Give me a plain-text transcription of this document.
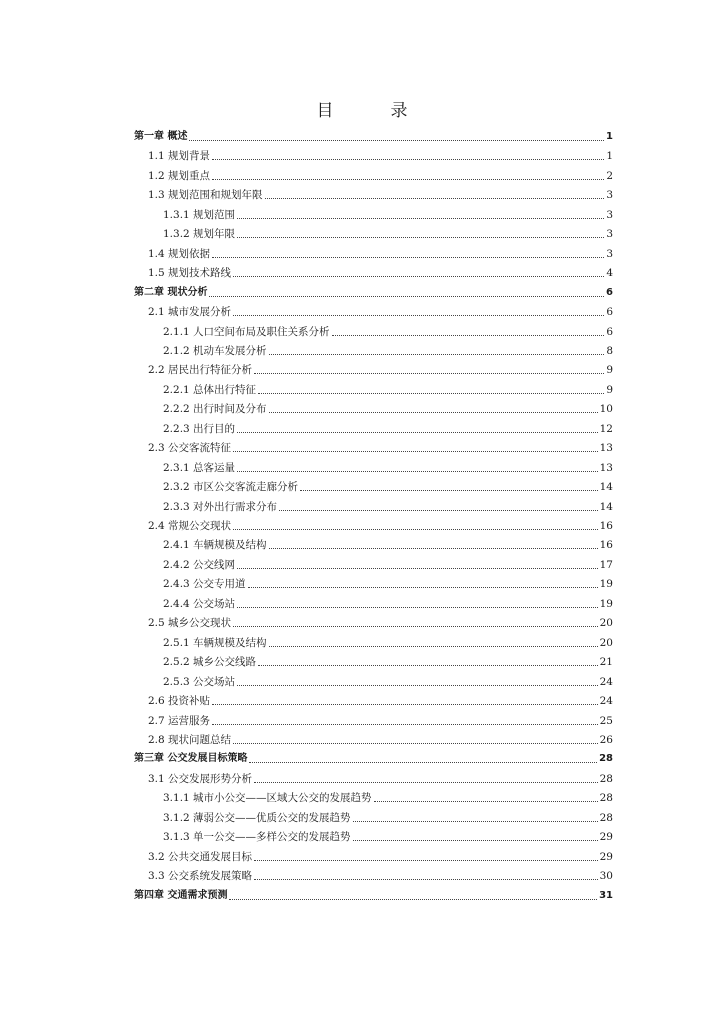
目　录
第一章 概述	1
1.1 规划背景	1
1.2 规划重点	2
1.3 规划范围和规划年限	3
1.3.1 规划范围	3
1.3.2 规划年限	3
1.4 规划依据	3
1.5 规划技术路线	4
第二章 现状分析	6
2.1 城市发展分析	6
2.1.1 人口空间布局及职住关系分析	6
2.1.2 机动车发展分析	8
2.2 居民出行特征分析	9
2.2.1 总体出行特征	9
2.2.2 出行时间及分布	10
2.2.3 出行目的	12
2.3 公交客流特征	13
2.3.1 总客运量	13
2.3.2 市区公交客流走廊分析	14
2.3.3 对外出行需求分布	14
2.4 常规公交现状	16
2.4.1 车辆规模及结构	16
2.4.2 公交线网	17
2.4.3 公交专用道	19
2.4.4 公交场站	19
2.5 城乡公交现状	20
2.5.1 车辆规模及结构	20
2.5.2 城乡公交线路	21
2.5.3 公交场站	24
2.6 投资补贴	24
2.7 运营服务	25
2.8 现状问题总结	26
第三章 公交发展目标策略	28
3.1 公交发展形势分析	28
3.1.1 城市小公交——区域大公交的发展趋势	28
3.1.2 薄弱公交——优质公交的发展趋势	28
3.1.3 单一公交——多样公交的发展趋势	29
3.2 公共交通发展目标	29
3.3 公交系统发展策略	30
第四章 交通需求预测	31
